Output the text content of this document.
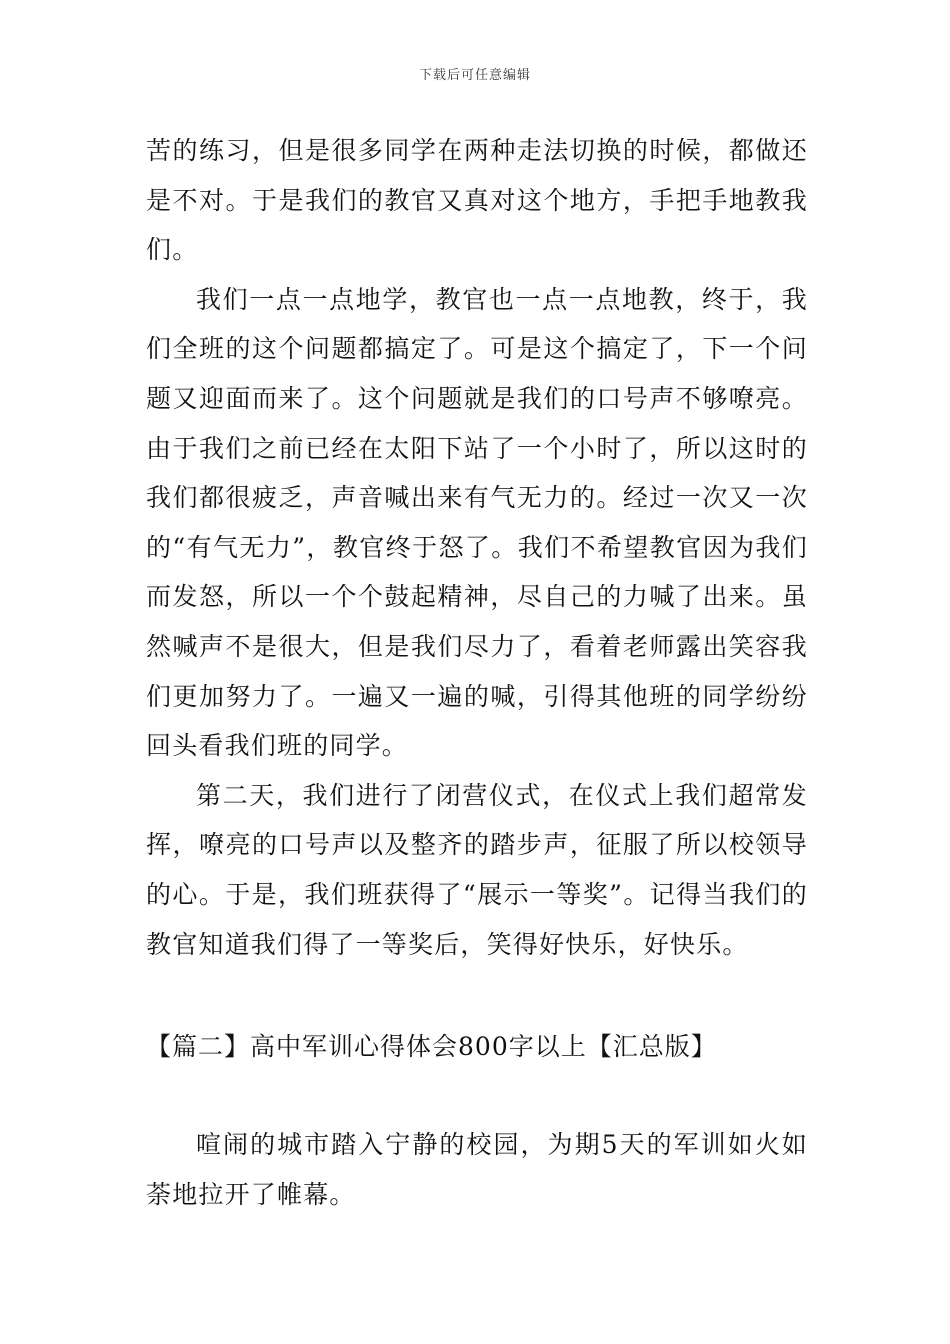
下载后可任意编辑

苦的练习，但是很多同学在两种走法切换的时候，都做还是不对。于是我们的教官又真对这个地方，手把手地教我们。

我们一点一点地学，教官也一点一点地教，终于，我们全班的这个问题都搞定了。可是这个搞定了，下一个问题又迎面而来了。这个问题就是我们的口号声不够嘹亮。由于我们之前已经在太阳下站了一个小时了，所以这时的我们都很疲乏，声音喊出来有气无力的。经过一次又一次的“有气无力”，教官终于怒了。我们不希望教官因为我们而发怒，所以一个个鼓起精神，尽自己的力喊了出来。虽然喊声不是很大，但是我们尽力了，看着老师露出笑容我们更加努力了。一遍又一遍的喊，引得其他班的同学纷纷回头看我们班的同学。

第二天，我们进行了闭营仪式，在仪式上我们超常发挥，嘹亮的口号声以及整齐的踏步声，征服了所以校领导的心。于是，我们班获得了“展示一等奖”。记得当我们的教官知道我们得了一等奖后，笑得好快乐，好快乐。

【篇二】高中军训心得体会800字以上【汇总版】

喧闹的城市踏入宁静的校园，为期5天的军训如火如荼地拉开了帷幕。
